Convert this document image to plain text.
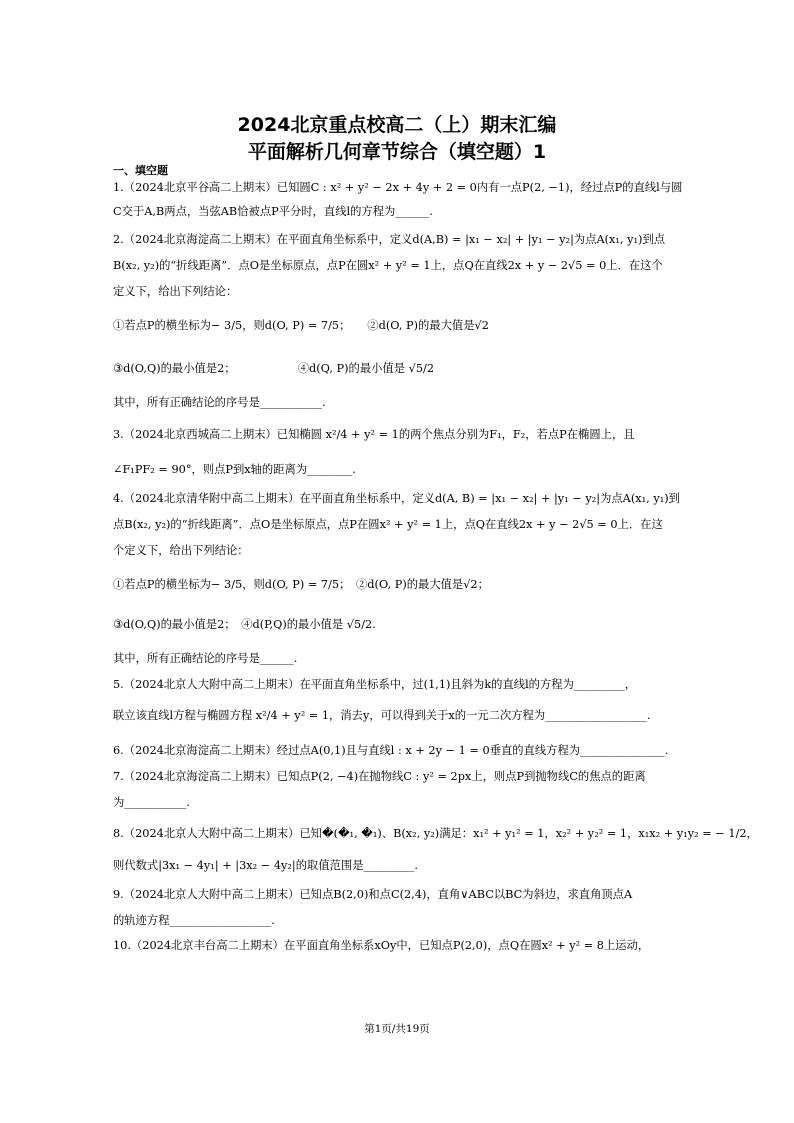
2024北京重点校高二（上）期末汇编
平面解析几何章节综合（填空题）1
一、填空题
1.（2024北京平谷高二上期末）已知圆C : x² + y² − 2x + 4y + 2 = 0内有一点P(2, −1)，经过点P的直线l与圆
C交于A,B两点，当弦AB恰被点P平分时，直线l的方程为______.
2.（2024北京海淀高二上期末）在平面直角坐标系中，定义d(A,B) = |x₁ − x₂| + |y₁ − y₂|为点A(x₁, y₁)到点
B(x₂, y₂)的“折线距离”．点O是坐标原点，点P在圆x² + y² = 1上，点Q在直线2x + y − 2√5 = 0上．在这个
定义下，给出下列结论：
①若点P的横坐标为− 3/5，则d(O, P) = 7/5；　　②d(O, P)的最大值是√2
③d(O,Q)的最小值是2；　　　　　　④d(Q, P)的最小值是 √5/2
其中，所有正确结论的序号是___________.
3.（2024北京西城高二上期末）已知椭圆 x²/4 + y² = 1的两个焦点分别为F₁，F₂，若点P在椭圆上，且
∠F₁PF₂ = 90°，则点P到x轴的距离为________.
4.（2024北京清华附中高二上期末）在平面直角坐标系中，定义d(A, B) = |x₁ − x₂| + |y₁ − y₂|为点A(x₁, y₁)到
点B(x₂, y₂)的“折线距离”．点O是坐标原点，点P在圆x² + y² = 1上，点Q在直线2x + y − 2√5 = 0上．在这
个定义下，给出下列结论：
①若点P的横坐标为− 3/5，则d(O, P) = 7/5；　②d(O, P)的最大值是√2；
③d(O,Q)的最小值是2；　④d(P,Q)的最小值是 √5/2.
其中，所有正确结论的序号是______.
5.（2024北京人大附中高二上期末）在平面直角坐标系中，过(1,1)且斜为k的直线l的方程为_________，
联立该直线l方程与椭圆方程 x²/4 + y² = 1，消去y，可以得到关于x的一元二次方程为__________________.
6.（2024北京海淀高二上期末）经过点A(0,1)且与直线l : x + 2y − 1 = 0垂直的直线方程为_______________.
7.（2024北京海淀高二上期末）已知点P(2, −4)在抛物线C : y² = 2px上，则点P到抛物线C的焦点的距离
为___________.
8.（2024北京人大附中高二上期末）已知�(�₁, �₁)、B(x₂, y₂)满足：x₁² + y₁² = 1，x₂² + y₂² = 1，x₁x₂ + y₁y₂ = − 1/2，
则代数式|3x₁ − 4y₁| + |3x₂ − 4y₂|的取值范围是_________.
9.（2024北京人大附中高二上期末）已知点B(2,0)和点C(2,4)，直角∨ABC以BC为斜边，求直角顶点A
的轨迹方程__________________.
10.（2024北京丰台高二上期末）在平面直角坐标系xOy中，已知点P(2,0)，点Q在圆x² + y² = 8上运动，
第1页/共19页
